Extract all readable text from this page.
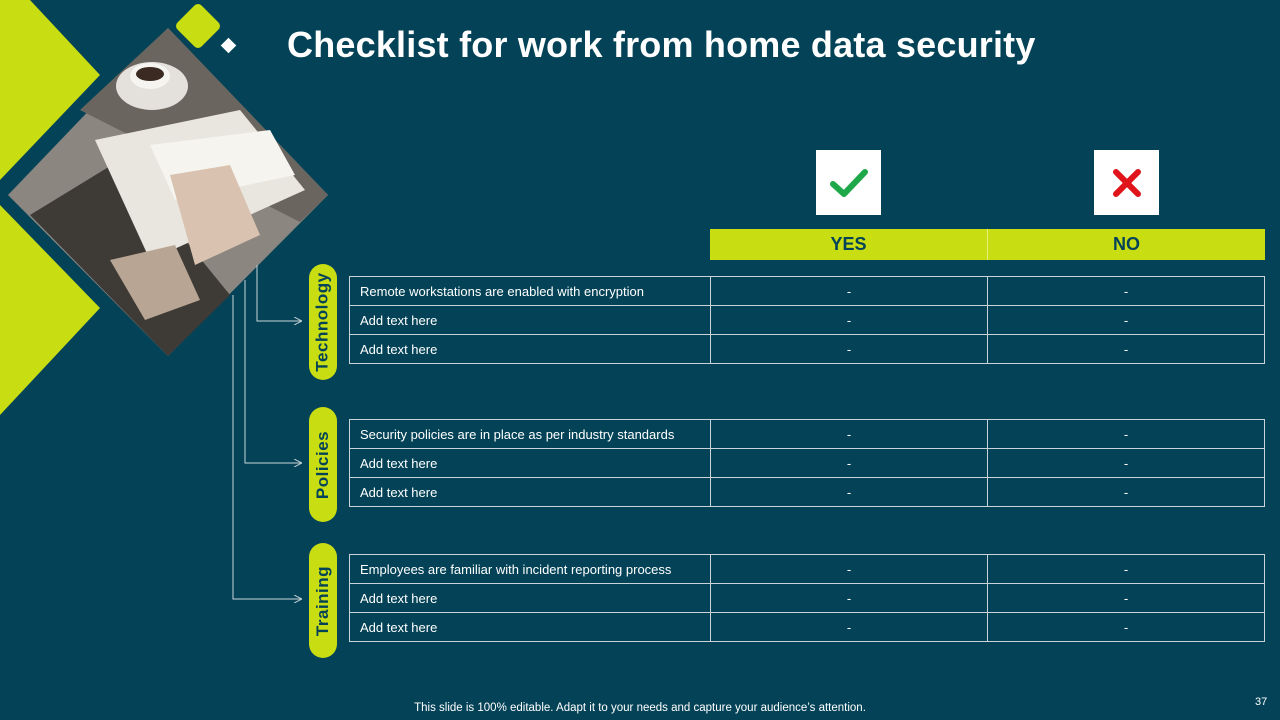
Checklist for work from home data security
YES	NO
Technology
Policies
Training
Remote workstations are enabled with encryption	-	-
Add text here	-	-
Add text here	-	-
Security policies are in place as per industry standards	-	-
Add text here	-	-
Add text here	-	-
Employees are familiar with incident reporting process	-	-
Add text here	-	-
Add text here	-	-
This slide is 100% editable. Adapt it to your needs and capture your audience’s attention.	37
